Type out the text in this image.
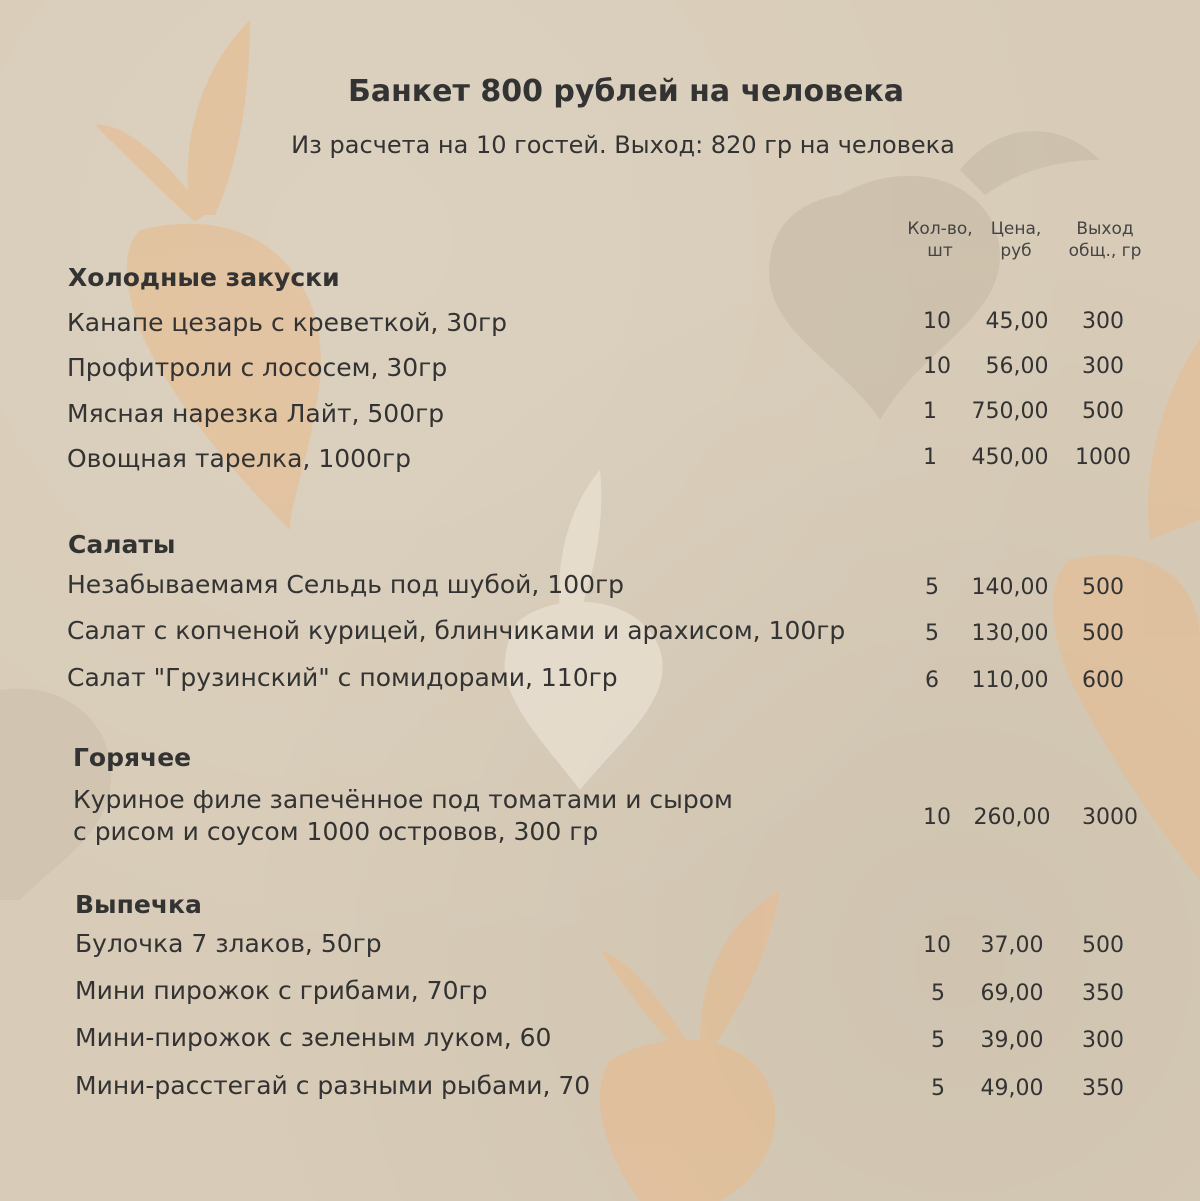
Банкет 800 рублей на человека
Из расчета на 10 гостей. Выход: 820 гр на человека
Кол-во,
шт
Цена,
руб
Выход
общ., гр
Холодные закуски
Канапе цезарь с креветкой, 30гр	10	45,00	300
Профитроли с лососем, 30гр	10	56,00	300
Мясная нарезка Лайт, 500гр	1	750,00	500
Овощная тарелка, 1000гр	1	450,00	1000
Салаты
Незабываемамя Сельдь под шубой, 100гр	5	140,00	500
Салат с копченой курицей, блинчиками и арахисом, 100гр	5	130,00	500
Салат "Грузинский" с помидорами, 110гр	6	110,00	600
Горячее
Куриное филе запечённое под томатами и сыром
с рисом и соусом 1000 островов, 300 гр	10	260,00	3000
Выпечка
Булочка 7 злаков, 50гр	10	37,00	500
Мини пирожок с грибами, 70гр	5	69,00	350
Мини-пирожок с зеленым луком, 60	5	39,00	300
Мини-расстегай с разными рыбами, 70	5	49,00	350
